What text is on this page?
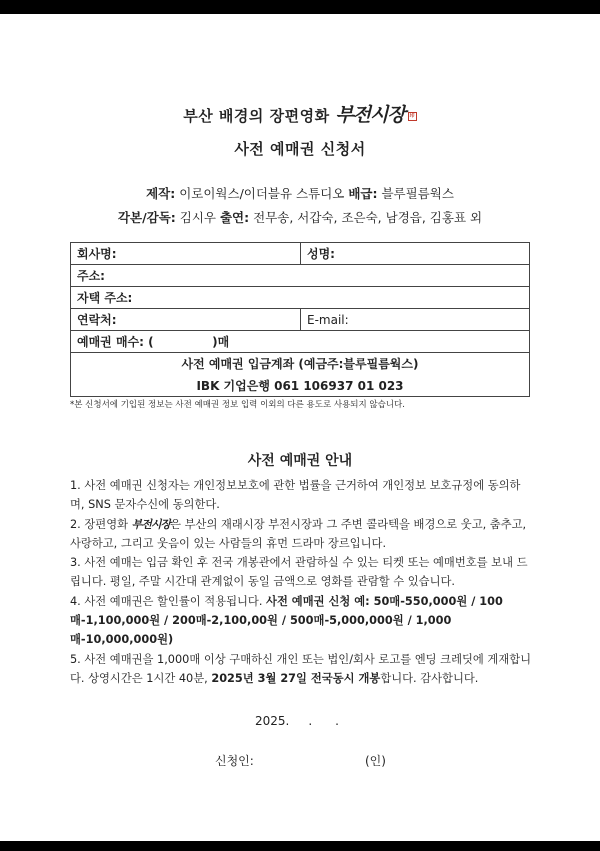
부산 배경의 장편영화 부전시장 印
사전 예매권 신청서
제작: 이로이웍스/이더블유 스튜디오 배급: 블루필름웍스
각본/감독: 김시우 출연: 전무송, 서갑숙, 조은숙, 남경읍, 김홍표 외
회사명:	성명:
주소:	
자택 주소:	
연락처:	E-mail:
예매권 매수: (              )매	
사전 예매권 입금계좌 (예금주:블루필름웍스)	
IBK 기업은행 061 106937 01 023	
*본 신청서에 기입된 정보는 사전 예매권 정보 입력 이외의 다른 용도로 사용되지 않습니다.
사전 예매권 안내

1. 사전 예매권 신청자는 개인정보보호에 관한 법률을 근거하여 개인정보 보호규정에 동의하며, SNS 문자수신에 동의한다.

2. 장편영화 부전시장은 부산의 재래시장 부전시장과 그 주변 콜라텍을 배경으로 웃고, 춤추고, 사랑하고, 그리고 웃음이 있는 사람들의 휴먼 드라마 장르입니다.

3. 사전 예매는 입금 확인 후 전국 개봉관에서 관람하실 수 있는 티켓 또는 예매번호를 보내 드립니다. 평일, 주말 시간대 관계없이 동일 금액으로 영화를 관람할 수 있습니다.

4. 사전 예매권은 할인률이 적용됩니다. 사전 예매권 신청 예: 50매-550,000원 / 100매-1,100,000원 / 200매-2,100,00원 / 500매-5,000,000원 / 1,000매-10,000,000원)

5. 사전 예매권을 1,000매 이상 구매하신 개인 또는 법인/회사 로고를 엔딩 크레딧에 게재합니다. 상영시간은 1시간 40분, 2025년 3월 27일 전국동시 개봉합니다. 감사합니다.

2025.     .      .
신청인:	(인)
